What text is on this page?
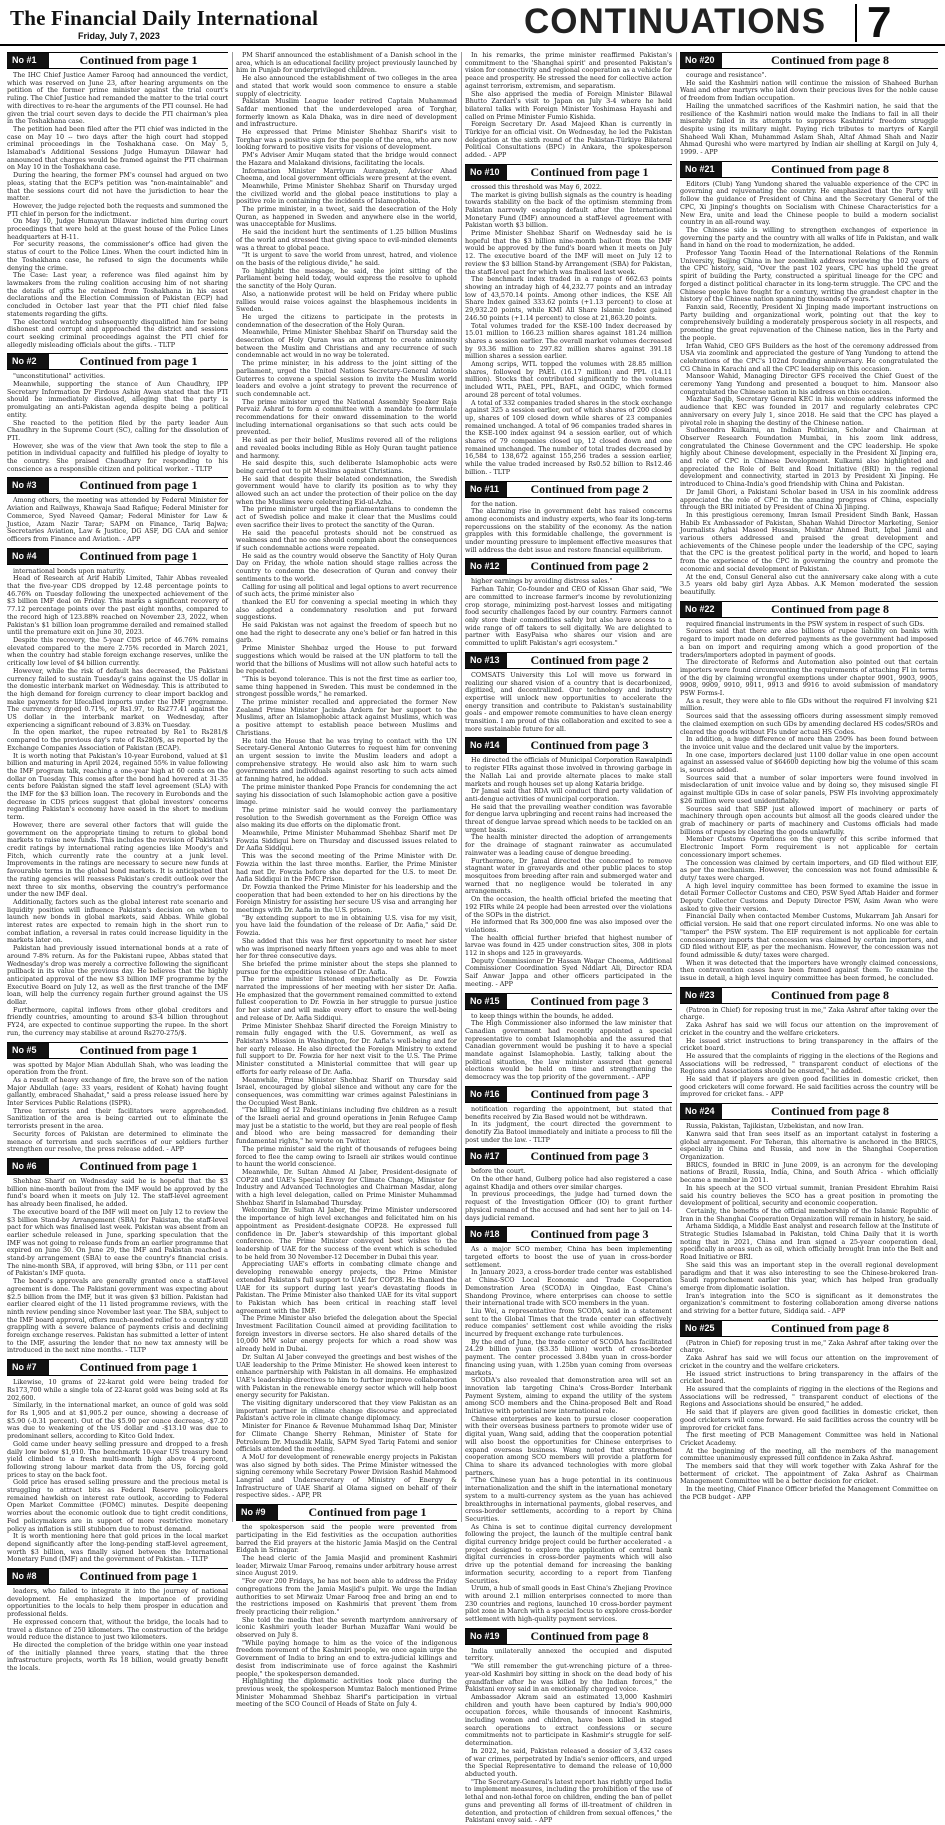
The Financial Daily International
Friday, July 7, 2023	CONTINUATIONS 7
No #1	Continued from page 1

The IHC Chief Justice Aamer Farooq had announced the verdict, which was reserved on June 23, after hearing arguments on the petition of the former prime minister against the trial court's ruling. The Chief Justice had remanded the matter to the trial court with directives to re-hear the arguments of the PTI counsel. He had given the trial court seven days to decide the PTI chairman's plea in the Toshakhana case.

The petition had been filed after the PTI chief was indicted in the case on May 10 -- two days after the high court had stopped criminal proceedings in the Toshakhana case. On May 5, Islamabad's Additional Sessions Judge Humayun Dilawar had announced that charges would be framed against the PTI chairman on May 10 in the Toshakhana case.

During the hearing, the former PM's counsel had argued on two pleas, stating that the ECP's petition was "non-maintainable" and that the sessions court did not have the jurisdiction to hear the matter.

However, the judge rejected both the requests and summoned the PTI chief in person for the indictment.

On May 10, Judge Humayun Dilawar indicted him during court proceedings that were held at the guest house of the Police Lines headquarters at H-11.

For security reasons, the commissioner's office had given the status of court to the Police Lines. When the court indicted him in the Toshakhana case, he refused to sign the documents while denying the crime.

The Case: Last year, a reference was filed against him by lawmakers from the ruling coalition accusing him of not sharing the details of gifts he retained from Toshakhana in his asset declarations and the Election Commission of Pakistan (ECP) had concluded in October last year that the PTI chief filed false statements regarding the gifts.

The electoral watchdog subsequently disqualified him for being dishonest and corrupt and approached the district and sessions court seeking criminal proceedings against the PTI chief for allegedly misleading officials about the gifts. - TLTP

No #2	Continued from page 1

"unconstitutional" activities.

Meanwhile, supporting the stance of Aun Chaudhry, IPP Secretary Information Dr Firdous Ashiq Awan stated that the PTI should be immediately dissolved, alleging that the party is promulgating an anti-Pakistan agenda despite being a political entity.

She reacted to the petition filed by the party leader Aun Chaudhry in the Supreme Court (SC), calling for the dissolution of PTI.

However, she was of the view that Awn took the step to file a petition in individual capacity and fulfilled his pledge of loyalty to the country. She praised Chaudhary for responding to his conscience as a responsible citizen and political worker. - TLTP

No #3	Continued from page 1

Among others, the meeting was attended by Federal Minister for Aviation and Railways, Khawaja Saad Rafique; Federal Minister for Commerce, Syed Naveed Qamar; Federal Minister for Law & Justice, Azam Nazir Tarar; SAPM on Finance, Tariq Bajwa; Secretaries Aviation, Law & Justice, DG ASF, DG CAA and senior officers from Finance and Aviation. - APP

No #4	Continued from page 1

international bonds upon maturity.

Head of Research at Arif Habib Limited, Tahir Abbas revealed that the five-year CDS dropped by 12.48 percentage points to 46.76% on Tuesday following the unexpected achievement of the $3 billion IMF deal on Friday. This marks a significant recovery of 77.12 percentage points over the past eight months, compared to the record high of 123.88% reached on November 23, 2022, when Pakistan's $1 billion loan programme derailed and remained stalled until the premature exit on June 30, 2023.

Despite this recovery, the 5-year CDS price of 46.76% remains elevated compared to the mere 2.75% recorded in March 2021, when the country had stable foreign exchange reserves, unlike the critically low level of $4 billion currently.

However, while the risk of default has decreased, the Pakistani currency failed to sustain Tuesday's gains against the US dollar in the domestic interbank market on Wednesday. This is attributed to the high demand for foreign currency to clear import backlog and make payments for lifecalled imports under the IMF programme. The currency dropped 0.71%, or Rs1.97, to Rs277.41 against the US dollar in the interbank market on Wednesday, after experiencing a significant rebound of 3.83% on Tuesday.

In the open market, the rupee retreated by Re1 to Rs281/$ compared to the previous day's rate of Rs280/$, as reported by the Exchange Companies Association of Pakistan (ECAP).

It is worth noting that Pakistan's 10-year Eurobond, valued at $1 billion and maturing in April 2024, regained 55% in value following the IMF program talk, reaching a one-year high at 60 cents on the dollar on Tuesday. This comes after the bond had hovered at 31-35 cents before Pakistan signed the staff level agreement (SLA) with the IMF for the $3 billion loan. The recovery in Eurobonds and the decrease in CDS prices suggest that global investors' concerns regarding Pakistan's economy have eased in the short to medium term.

However, there are several other factors that will guide the government on the appropriate timing to return to global bond markets to raise new funds. This includes the revision of Pakistan's credit ratings by international rating agencies like Moody's and Fitch, which currently rate the country at a junk level. Improvements in the ratings are necessary to secure new funds at favourable terms in the global bond markets. It is anticipated that the rating agencies will reassess Pakistan's credit outlook over the next three to six months, observing the country's performance under the new IMF deal.

Additionally, factors such as the global interest rate scenario and liquidity position will influence Pakistan's decision on when to launch new bonds in global markets, said Abbas. While global interest rates are expected to remain high in the short run to combat inflation, a reversal in rates could increase liquidity in the markets later on.

Pakistan had previously issued international bonds at a rate of around 7-8% return. As for the Pakistani rupee, Abbas stated that Wednesday's drop was merely a corrective following the significant pullback in its value the previous day. He believes that the highly anticipated approval of the new $3 billion IMF programme by the Executive Board on July 12, as well as the first tranche of the IMF loan, will help the currency regain further ground against the US dollar.

Furthermore, capital inflows from other global creditors and friendly countries, amounting to around $3-4 billion throughout FY24, are expected to continue supporting the rupee. In the short run, the currency may stabilise at around Rs270-275/$.

No #5	Continued from page 1

was spotted by Major Mian Abdullah Shah, who was leading the operation from the front.

As a result of heavy exchange of fire, the brave son of the nation Major Abdullah (age: 33 years, resident of Kohat) having fought gallantly, embraced Shahadat," said a press release issued here by Inter Services Public Relations (ISPR).

Three terrorists and their facilitators were apprehended. Sanitization of the area is being carried out to eliminate the terrorists present in the area.

Security forces of Pakistan are determined to eliminate the menace of terrorism and such sacrifices of our soldiers further strengthen our resolve, the press release added. - APP

No #6	Continued from page 1

Shehbaz Sharif on Wednesday said he is hopeful that the $3 billion nine-month bailout from the IMF would be approved by the fund's board when it meets on July 12. The staff-level agreement has already been finalised, he added.

The executive board of the IMF will meet on July 12 to review the $3 billion Stand-by Arrangement (SBA) for Pakistan, the staff-level pact for which was finalised last week. Pakistan was absent from an earlier schedule released in June, sparking speculation that the IMF was not going to release funds from an earlier programme that expired on June 30. On June 29, the IMF and Pakistan reached a stand-by arrangement (SBA) to ease the country's financial crisis. The nine-month SBA, if approved, will bring $3bn, or 111 per cent of Pakistan's IMF quota.

The board's approvals are generally granted once a staff-level agreement is done. The Pakistani government was expecting about $2.5 billion from the IMF, but it was given $3 billion. Pakistan had earlier cleared eight of the 11 listed programme reviews, with the ninth review pending since November last year. The SBA, subject to the IMF board approval, offers much-needed relief to a country still grappling with a severe balance of payments crisis and declining foreign exchange reserves. Pakistan has submitted a letter of intent to the IMF, assuring the lender that no new tax amnesty will be introduced in the next nine months. - TLTP

No #7	Continued from page 1

Likewise, 10 grams of 22-karat gold were being traded for Rs173,700 while a single tola of 22-karat gold was being sold at Rs 202,600.

Similarly, in the international market, an ounce of gold was sold for Rs 1,905 and at $1,905.2 per ounce, showing a decrease of $5.90 (-0.31 percent). Out of the $5.90 per ounce decrease, -$7.20 was due to weakening of the US dollar and -$13.10 was due to predominant sellers, according to Kitco Gold Index.

Gold came under heavy selling pressure and dropped to a fresh daily low below $1,910. The benchmark 10-year US treasury bond yield climbed to a fresh multi-month high above 4 percent, following strong labour market data from the US, forcing gold prices to stay on the back foot.

Gold price has erased selling pressure and the precious metal is struggling to attract bits as Federal Reserve policymakers remained hawkish on interest rate outlook, according to Federal Open Market Committee (FOMC) minutes. Despite deepening worries about the economic outlook due to tight credit conditions, Fed policymakers are in support of more restrictive monetary policy as inflation is still stubborn due to robust demand.

It is worth mentioning here that gold prices in the local market depend significantly after the long-pending staff-level agreement, worth $3 billion, was finally signed between the International Monetary Fund (IMF) and the government of Pakistan. - TLTP

No #8	Continued from page 1

leaders, who failed to integrate it into the journey of national development. He emphasized the importance of providing opportunities to the locals to help them prosper in education and professional fields.

He expressed concern that, without the bridge, the locals had to travel a distance of 250 kilometers. The construction of the bridge would reduce the distance to just two kilometers.

He directed the completion of the bridge within one year instead of the initially planned three years, stating that the three infrastructure projects, worth Rs 18 billion, would greatly benefit the locals.

PM Sharif announced the establishment of a Danish school in the area, which is an educational facility project previously launched by him in Punjab for underprivileged children.

He also announced the establishment of two colleges in the area and stated that work would soon commence to ensure a stable supply of electricity.

Pakistan Muslim League leader retired Captain Muhammad Safdar mentioned that the underdeveloped area of Torghar, formerly known as Kala Dhaka, was in dire need of development and infrastructure.

He expressed that Prime Minister Shehbaz Sharif's visit to Torghar was a positive sign for the people of the area, who are now looking forward to positive visits for visions of development.

PM's Adviser Amir Muqam stated that the bridge would connect the Hazara and Malakand divisions, facilitating the locals.

Information Minister Marriyum Aurangzeb, Advisor Ahad Cheema, and local government officials were present at the event.

Meanwhile, Prime Minister Shehbaz Sharif on Thursday urged the civilized world and the global peace institutions to play a positive role in containing the incidents of Islamophobia.

The prime minister, in a tweet, said the desecration of the Holy Quran, as happened in Sweden and anywhere else in the world, was unacceptable for Muslims.

He said the incident hurt the sentiments of 1.25 billion Muslims of the world and stressed that giving space to evil-minded elements was a threat to global peace.

"It is urgent to save the world from unrest, hatred, and violence on the basis of the religious divide," he said.

To highlight the message, he said, the joint sitting of the Parliament being held today, would express the resolve to uphold the sanctity of the Holy Quran.

Also, a nationwide protest will be held on Friday where public rallies would raise voices against the blasphemous incidents in Sweden.

He urged the citizens to participate in the protests in condemnation of the desecration of the Holy Quran.

Meanwhile, Prime Minister Shehbaz Sharif on Thursday said the desecration of Holy Quran was an attempt to create animosity between the Muslim and Christians and any recurrence of such condemnable act would in no way be tolerated.

The prime minister, in his address to the joint sitting of the parliament, urged the United Nations Secretary-General Antonio Guterres to convene a special session to invite the Muslim world leaders and evolve a joint strategy to prevent the recurrence of such condemnable act.

The prime minister urged the National Assembly Speaker Raja Pervaiz Ashraf to form a committee with a mandate to formulate recommendations for their onward dissemination to the world including international organisations so that such acts could be prevented.

He said as per their belief, Muslims revered all of the religions and revealed books including Bible as Holy Quran taught patience and harmony.

He said despite this, such deliberate Islamophobic acts were being carried out to pit Muslims against Christians.

He said that despite their belated condemnation, the Swedish government would have to clarify its position as to why they allowed such an act under the protection of their police on the day when the Muslims were celebrating Eid-ul-Azha.

The prime minister urged the parliamentarians to condemn the act of Swedish police and make it clear that the Muslims could even sacrifice their lives to protect the sanctity of the Quran.

He said the peaceful protests should not be construed as weakness and that no one should complain about the consequences if such condemnable actions were repeated.

He said as the country would observe the Sanctity of Holy Quran Day on Friday, the whole nation should stage rallies across the country to condemn the desecration of Quran and convey their sentiments to the world.

Calling for using all political and legal options to avert recurrence of such acts, the prime minister also

thanked the EU for convening a special meeting in which they also adopted a condemnatory resolution and put forward suggestions.

He said Pakistan was not against the freedom of speech but no one had the right to desecrate any one's belief or fan hatred in this garb.

Prime Minister Shehbaz urged the House to put forward suggestions which would be raised at the UN platform to tell the world that the billions of Muslims will not allow such hateful acts to be repeated.

"This is beyond tolerance. This is not the first time as earlier too, same thing happened in Sweden. This must be condemned in the strongest possible words," he remarked.

The prime minister recalled and appreciated the former New Zealand Prime Minister Jacinda Ardern for her support to the Muslims, after an Islamophobic attack against Muslims, which was a positive attempt to establish peace between Muslims and Christians.

He told the House that he was trying to contact with the UN Secretary-General Antonio Guterres to request him for convening an urgent session to invite the Muslim leaders and adopt a comprehensive strategy. He would also ask him to warn such governments and individuals against resorting to such acts aimed at fanning hatred, he added.

The prime minister thanked Pope Francis for condemning the act saying his dissociation of such Islamophobic action gave a positive image.

The prime minister said he would convey the parliamentary resolution to the Swedish government as the Foreign Office was also making its due efforts on the diplomatic front.

Meanwhile, Prime Minister Muhammad Shehbaz Sharif met Dr Fowzia Siddiqui here on Thursday and discussed issues related to Dr Aafia Siddiqui.

This was the second meeting of the Prime Minister with Dr. Fowzia within the last three months. Earlier, the Prime Minister had met Dr. Fowzia before she departed for the U.S. to meet Dr. Aafia Siddiqui in the FMC Prison.

Dr. Fowzia thanked the Prime Minister for his leadership and the cooperation that had been extended to her on his directions by the Foreign Ministry for assisting her secure US visa and arranging her meetings with Dr. Aafia in the U.S. prison.

"By extending support to me in obtaining U.S. visa for my visit, you have laid the foundation of the release of Dr. Aafia," said Dr. Fowzia.

She added that this was her first opportunity to meet her sister who was imprisoned nearly fifteen years ago and was able to meet her for three consecutive days.

She briefed the prime minister about the steps she planned to pursue for the expeditious release of Dr. Aafia.

The prime minister listened empathetically as Dr. Fowzia narrated the impressions of her meeting with her sister Dr. Aafia. He emphasized that the government remained committed to extend fullest cooperation to Dr. Fowzia in her struggle to pursue justice for her sister and will make every effort to ensure the well-being and release of Dr. Aafia Siddiqui.

Prime Minister Shehbaz Sharif directed the Foreign Ministry to remain fully engaged with the U.S. Government, as well as Pakistan's Mission in Washington, for Dr. Aafia's well-being and for her early release. He also directed the Foreign Ministry to extend full support to Dr. Fowzia for her next visit to the U.S. The Prime Minister constituted a Ministerial committee that will gear up efforts for early release of Dr. Aafia.

Meanwhile, Prime Minister Shehbaz Sharif on Thursday said Israel, encouraged by global silence and without any care for the consequences, was committing war crimes against Palestinians in the Occupied West Bank.

"The killing of 12 Palestinians including five children as a result of the Israeli aerial and ground operations in Jenin Refugee Camp may just be a statistic to the world, but they are real people of flesh and blood who are being massacred for demanding their fundamental rights," he wrote on Twitter.

The prime minister said the right of thousands of refugees being forced to flee the camp owing to Israeli air strikes would continue to haunt the world conscience.

Meanwhile, Dr. Sultan Ahmed Al Jaber, President-designate of COP28 and UAE's Special Envoy for Climate Change, Minister for Industry and Advanced Technologies and Chairman Masdar, along with a high level delegation, called on Prime Minister Muhammad Shehbaz Sharif in Islamabad Thursday.

Welcoming Dr. Sultan Al Jaber, the Prime Minister underscored the importance of high level exchanges and felicitated him on his appointment as President-designate COP28. He expressed full confidence in Dr. Jaber's stewardship of this important global conference. The Prime Minister conveyed best wishes to the leadership of UAE for the success of the event which is scheduled to be held from 30 November-12 December in Dubai this year.

Appreciating UAE's efforts in combating climate change and developing renewable energy projects, the Prime Minister extended Pakistan's full support to UAE for COP28. He thanked the UAE for its support during last year's devastating floods in Pakistan. The Prime Minister also thanked UAE for its vital support to Pakistan which has been critical in reaching staff level agreement with the IMF.

The Prime Minister also briefed the delegation about the Special Investment Facilitation Council aimed at providing facilitation to foreign investors in diverse sectors. He also shared details of the 10,000 MW solar energy projects for which a road show was already held in Dubai.

Dr. Sultan Al Jaber conveyed the greetings and best wishes of the UAE leadership to the Prime Minister. He showed keen interest to enhance partnership with Pakistan in all domains. He emphasized UAE's leadership directives to him to further improve collaboration with Pakistan in the renewable energy sector which will help boost energy security for Pakistan.

The visiting dignitary underscored that they view Pakistan as an important partner in climate change discourse and appreciated Pakistan's active role in climate change diplomacy.

Minister for Finance & Revenue Muhammad Ishaq Dar, Minister for Climate Change Sherry Rehman, Minister of State for Petroleum Dr. Musadik Malik, SAPM Syed Tariq Fatemi and senior officials attended the meeting.

A MoU for development of renewable energy projects in Pakistan was also signed by both sides. The Prime Minister witnessed the signing ceremony while Secretary Power Division Rashid Mahmood Langrial and Undersecretary of Ministry of Energy & Infrastructure of UAE Sharif al Olama signed on behalf of their respective sides. - APP, PR

No #9	Continued from page 1

the spokesperson said the people were prevented from participating in the Eid festivities as the occupation authorities barred the Eid prayers at the historic Jamia Masjid on the Central Eidgah in Srinagar.

The head cleric of the Jamia Masjid and prominent Kashmiri leader, Mirwaiz Umar Farooq, remains under arbitrary house arrest since August 2019.

"For over 200 Fridays, he has not been able to address the Friday congregations from the Jamia Masjid's pulpit. We urge the Indian authorities to set Mirwaiz Umar Farooq free and bring an end to the restrictions imposed on Kashmiris that prevent them from freely practicing their religion."

She told the media that the seventh martyrdom anniversary of iconic Kashmiri youth leader Burhan Muzaffar Wani would be observed on July 8.

"While paying homage to him as the voice of the indigenous freedom movement of the Kashmiri people, we once again urge the Government of India to bring an end to extra-judicial killings and desist from indiscriminate use of force against the Kashmiri people," the spokesperson demanded.

Highlighting the diplomatic activities took place during the previous week, the spokesperson Mumtaz Baloch mentioned Prime Minister Mohammad Shehbaz Sharif's participation in virtual meeting of the SCO Council of Heads of State on July 4.

In his remarks, the prime minister reaffirmed Pakistan's commitment to the 'Shanghai spirit' and presented Pakistan's vision for connectivity and regional cooperation as a vehicle for peace and prosperity. He stressed the need for collective action against terrorism, extremism, and separatism.

She also apprised the media of Foreign Minister Bilawal Bhutto Zardari's visit to Japan on July 3-4 where he held bilateral talks with Foreign Minister Yoshimasa Hayashi and called on Prime Minister Fumio Kishida.

Foreign Secretary Dr. Asad Majeed Khan is currently in Türkiye for an official visit. On Wednesday, he led the Pakistan delegation at the sixth round of the Pakistan-Türkiye Bilateral Political Consultations (BPC) in Ankara, the spokesperson added. - APP

No #10	Continued from page 1

crossed this threshold was May 6, 2022.

The market is giving bullish signals as the country is heading towards stability on the back of the optimism stemming from Pakistan narrowly escaping default after the International Monetary Fund (IMF) announced a staff-level agreement with Pakistan worth $3 billion.

Prime Minister Shehbaz Sharif on Wednesday said he is hopeful that the $3 billion nine-month bailout from the IMF would be approved by the fund's board when it meets on July 12. The executive board of the IMF will meet on July 12 to review the $3 billion Stand-by Arrangement (SBA) for Pakistan, the staff-level pact for which was finalised last week.

The benchmark index traded in a range of 662.63 points showing an intraday high of 44,232.77 points and an intraday low of 43,570.14 points. Among other indices, the KSE All Share Index gained 333.62 points (+1.13 percent) to close at 29,932.20 points, while KMI All Share Islamic Index gained 246.50 points (+1.14 percent) to close at 21,863.20 points.

Total volumes traded for the KSE-100 Index decreased by 15.01 million to 166.23 million shares against 181.24 million shares a session earlier. The overall market volumes decreased by 93.36 million to 297.82 million shares against 391.18 million shares a session earlier.

Among scrips, WTL topped the volumes with 28.85 million shares, followed by PAEL (16.17 million) and PPL (14.11 million). Stocks that contributed significantly to the volumes included WTL, PAEL, PPL, BAFL, and OGDC, which formed around 28 percent of total volumes.

A total of 332 companies traded shares in the stock exchange against 325 a session earlier, out of which shares of 200 closed up, shares of 109 closed down while shares of 23 companies remained unchanged. A total of 96 companies traded shares in the KSE-100 index against 94 a session earlier, out of which shares of 79 companies closed up, 12 closed down and one remained unchanged. The number of total trades decreased by 16,584 to 138,672 against 155,256 trades a session earlier, while the value traded increased by Rs0.52 billion to Rs12.46 billion. - TLTP

No #11	Continued from page 2

for the nation.

The alarming rise in government debt has raised concerns among economists and industry experts, who fear its long-term repercussions on the stability of the economy. As the nation grapples with this formidable challenge, the government is under mounting pressure to implement effective measures that will address the debt issue and restore financial equilibrium.

No #12	Continued from page 2

higher earnings by avoiding distress sales."

Farhan Tahir, Co-founder and CEO of Kissan Ghar said, "We are committed to increase farmer's income by revolutionizing crop storage, minimizing post-harvest losses and mitigating food security challenges faced by our country. Farmers cannot only store their commodities safely but also have access to a wide range of off takers to sell digitally. We are delighted to partner with EasyPaisa who shares our vision and are committed to uplift Pakistan's agri ecosystem."

No #13	Continued from page 2

COMSATS University this LoI will move us forward in realizing our shared vision of a country that is decarbonized, digitized, and decentralized. Our technology and industry expertise will unlock new opportunities to accelerate the energy transition and contribute to Pakistan's sustainability goals - and empower remote communities to have clean energy transition. I am proud of this collaboration and excited to see a more sustainable future for all.

No #14	Continued from page 3

He directed the officials of Municipal Corporation Rawalpindi to register FIRs against those involved in throwing garbage in the Nallah Lai and provide alternate places to make stall markets and rough houses set up along Kataria bridge.

Dr Jamal said that RDA will conduct third party validation of anti-dengue activities of municipal corporation.

He said that the prevailing weather condition was favorable for dengue larva upbringing and recent rains had increased the threat of dengue larvae spread which needs to be tackled on an urgent basis.

The health minister directed the adoption of arrangements for the drainage of stagnant rainwater as accumulated rainwater was a leading cause of dengue breeding.

Furthermore, Dr Jamal directed the concerned to remove stagnant water in graveyards and other public places to stop mosquitoes from breeding after rain and submerged water and warned that no negligence would be tolerated in any arrangements.

On the occasion, the health official briefed the meeting that 192 FIRs while 24 people had been arrested over the violations of the SOPs in the district.

He informed that Rs 300,000 fine was also imposed over the violations.

The health official further briefed that highest number of larvae was found in 425 under construction sites, 308 in plots 112 in shops and 125 in graveyards.

Deputy Commissioner Dr Hassan Waqar Cheema, Additional Commissioner Coordination Syed Nddiart Ali, Director RDA Saif Anwar Jappa and other officers participated in the meeting. - APP

No #15	Continued from page 3

to keep things within the bounds, he added.

The High Commissioner also informed the law minister that Canadian government had recently appointed a special representative to combat Islamophobia and the assured that Canadian government would be pushing it to have a special mandate against Islamophobia. Lastly, talking about the political situation, the law minister assured that general elections would be held on time and strengthening the democracy was the top priority of the government. - APP

No #16	Continued from page 3

notification regarding the appointment, but stated that benefits received by Zia Based would not be withdrawn.

In its judgment, the court directed the government to denotify Zia Batool immediately and initiate a process to fill the post under the law. - TLTP

No #17	Continued from page 3

before the court.

On the other hand, Gulberg police had also registered a case against Khadija and others over similar charges.

In previous proceedings, the judge had turned down the request of the Investigation Officer (IO) to grant further physical remand of the accused and had sent her to jail on 14-days judicial remand.

No #18	Continued from page 3

As a major SCO member, China has been implementing targeted efforts to boost the use of yuan in cross-border settlement.

In January 2023, a cross-border trade center was established at China-SCO Local Economic and Trade Cooperation Demonstration Area (SCODA) in Qingdao, East China's Shandong Province, where enterprises can choose to settle their international trade with SCO members in the yuan.

Liu Wei, a representative from SCODA, said in a statement sent to the Global Times that the trade center can effectively reduce companies' settlement cost while avoiding the risks incurred by frequent exchange rate turbulences.

By the end of June, the trade center of SCODA has facilitated 24.29 billion yuan ($3.35 billion) worth of cross-border payment. The center processed 3.84bn yuan in cross-border financing using yuan, with 1.25bn yuan coming from overseas markets.

SCODA's also revealed that demonstration area will set an innovation lab targeting China's Cross-Border Interbank Payment System, aiming to expand the utility of the system among SCO members and the China-proposed Belt and Road Initiative with potential new international role.

Chinese enterprises are keen to pursue closer cooperation with their overseas business partners to promote wider use of digital yuan, Wang said, adding that the cooperation potential will also boost the opportunities for Chinese enterprises to expand overseas business. Wang noted that strengthened cooperation among SCO members will provide a platform for China to share its advanced technologies with more global partners.

"The Chinese yuan has a huge potential in its continuous internationalization and the shift in the international monetary system to a multi-currency system as the yuan has achieved breakthroughs in international payments, global reserves, and cross-border settlements, according to a report by China Securities.

As China is set to continue digital currency development following the project, the launch of the multiple central bank digital currency bridge project could be further accelerated - a project designed to explore the application of central bank digital currencies in cross-border payments which will also drive up the potential demand for increasing the banking information security, according to a report from Tianfeng Securities.

Urum, a hub of small goods in East China's Zhejiang Province with around 2.1 million enterprises connected to more than 230 countries and regions, launched 10 cross-border payment pilot zone in March with a special focus to explore cross-border settlement with high-quality payment services.

No #19	Continued from page 8

India unilaterally annexed the occupied and disputed territory.

"We still remember the gut-wrenching picture of a three-year-old Kashmiri boy sitting in shock on the dead body of his grandfather after he was killed by the Indian forces," the Pakistani envoy said in an emotionally charged voice.

Ambassador Akram said an estimated 13,000 Kashmiri children and youth have been captured by India's 900,000 occupation forces, while thousands of innocent Kashmiris, including women and children, have been killed in staged search operations to extract confessions or secure commitments not to participate in Kashmir's struggle for self-determination.

In 2022, he said, Pakistan released a dossier of 3,432 cases of war crimes, perpetrated by India's senior officers, and urged the Special Representative to demand the release of 10,000 abducted youth.

"The Secretary-General's latest report has rightly urged India to implement measures, including the prohibition of the use of lethal and non-lethal force on children, ending the ban of pellet guns and preventing all forms of ill-treatment of children in detention, and protection of children from sexual offences," the Pakistani envoy said. - APP

No #20	Continued from page 8

courage and resistance".

He said the Kashmiri nation will continue the mission of Shaheed Burhan Wani and other martyrs who laid down their precious lives for the noble cause of freedom from Indian occupation.

Hailing the unmatched sacrifices of the Kashmiri nation, he said that the resilience of the Kashmiri nation would make the Indians to fail in all their miserably failed in its attempts to suppress Kashmiris' freedom struggle despite using its military might. Paying rich tributes to martyrs of Kargil Shaheed Wali Khan, Muhammad Aslam Shah, Altaf Ahmad Shah and Nazir Ahmad Qureshi who were martyred by Indian air shelling at Kargil on July 4, 1999. - APP

No #21	Continued from page 8

Editors (Club) Yang Yundong shared the valuable experience of the CPC in governing and rejuvenating the country. He emphasized that the Party will follow the guidance of President of China and the Secretary General of the CPC, Xi Jinping's thoughts on Socialism with Chinese Characteristics for a New Era, unite and lead the Chinese people to build a modern socialist country in an all-round way.

The Chinese side is willing to strengthen exchanges of experience in governing the party and the country with all walks of life in Pakistan, and walk hand in hand on the road to modernization, he added.

Professor Yang Taoxin Head of the International Relations of the Renmin University, Beijing China in her zoomlink address reviewing the 102 years of the CPC history, said, "Over the past 102 years, CPC has upheld the great spirit of building the Party, constructed a spiritual lineage for the CPC and forged a distinct political character in its long-term struggle. The CPC and the Chinese people have fought for a century, writing the grandest chapter in the history of the Chinese nation spanning thousands of years."

Fanxin said, Recently, President Xi Jinping made important instructions on Party building and organizational work, pointing out that the key to comprehensively building a moderately prosperous society in all respects, and promoting the great rejuvenation of the Chinese nation, lies in the Party and the people.

Irfan Wahid, CEO GFS Builders as the host of the ceremony addressed from USA via zoomlink and appreciated the gesture of Yang Yundong to attend the celebrations of the CPC's 102nd founding anniversary. He congratulated the CG China in Karachi and all the CPC leadership on this occasion.

Mansoor Wahid, Managing Director GFS received the Chief Guest of the ceremony Yang Yundong and presented a bouquet to him. Mansoor also congratulated the Chinese nation in his address on this occasion.

Mazhar Saqib, Secretary General KEC in his welcome address informed the audience that KEC was founded in 2017 and regularly celebrates CPC anniversary on every July 1, since 2018. He said that the CPC has played a pivotal role in shaping the destiny of the Chinese nation.

Sudheendra Kulkarni, an Indian Politician, Scholar and Chairman at Observer Research Foundation Mumbai, in his zoom link address, congratulated the Chinese Government and the CPC leadership. He spoke highly about Chinese development, especially in the President Xi Jinping era, and role of CPC in Chinese Development. Kulkarni also highlighted and appreciated the Role of Belt and Road Initiative (BRI) in the regional development and connectivity, started in 2013 by President Xi Jinping. He introduced to China-India's good friendship with China and Pakistan.

Dr Jamil Ghori, a Pakistani Scholar based in USA in his zoomlink address appreciated the role of CPC in the amazing progress of China, especially through the BRI initiated by President of China Xi Jinping.

In this prestigious ceremony, Imran Ismail President Sindh Bank, Hassan Habib Ex Ambassador of Pakistan, Shahan Wahid Director Marketing, Senior Journalists Aghai Masood Hussain, Mukhtar Ahmed Butt, Iqbal Jamil and various others addressed and praised the great development and achievements of the Chinese people under the leadership of the CPC, saying that the CPC is the greatest political party in the world, and hoped to learn from the experience of the CPC in governing the country and promote the economic and social development of Pakistan.

At the end, Consul General also cut the anniversary cake along with a cute 3.5 years old baby girl Ayza Abbas. A.K Memon moderated the session beautifully.

No #22	Continued from page 8

required financial instruments in the PSW system in respect of such GDs.

Sources said that there are also billions of rupee liability on banks with regard to import made on deferred payments as the government had imposed a ban on import and requiring among which a good proportion of the traders/importers adopted in payment of goods.

The directorate of Reforms and Automation also pointed out that certain importers were found circumventing the requirements of attaching FI in terms of the dig by claiming wrongful exemptions under chapter 9901, 9903, 9905, 9908, 9909, 9910, 9911, 9913 and 9916 to avoid submission of mandatory PSW Forms-I.

As a result, they were able to file GDs without the required FI involving $21 million.

Sources said that the assessing officers during assessment simply removed the claimed exemption on such GDs by amending declared HS codes/SROs and cleared the goods without FIs under actual HS Codes.

In addition, a huge difference of more than 250% has been found between the invoice unit value and the declared unit value by the importers.

In one case, importers declared just 1100 dollar value in one open account against an assessed value of $64600 depicting how big the volume of this scam is, sources added.

Sources said that a number of solar importers were found involved in misdeclaration of unit invoice value and by doing so, they misused single FI against multiple GDs in case of solar panels, PSW FIs involving approximately $26 million were used unidentifiably.

Sources said that SBP just allowed import of machinery or parts of machinery through open accounts but almost all the goods cleared under the grab of machinery or parts of machinery and Customs officials had made billions of rupees by clearing the goods unlawfully.

Member Customs Operations on the query of this scribe informed that Electronic Import Form requirement is not applicable for certain concessionary import schemes.

The concession was claimed by certain importers, and GD filed without EIF, as per the mechanism. However, the concession was not found admissible & duty/ taxes were charged.

A high level inquiry committee has been formed to examine the issue in detail Former Collector Customs and CEO, PSW Syed Aftab Haider and former Deputy Collector Customs and Deputy Director PSW, Asim Awan who were asked to give their version.

Financial Daily when contacted Member Customs, Mukarram Jah Ansari for official version. He said that one report circulated informs. No one was able to "tamper" the PSW system. The EIF requirement is not applicable for certain concessionary imports that concession was claimed by certain importers, and GD filed without EIF, as per the mechanism. However, the concession was not found admissible & duty/ taxes were charged.

When it was detected that the importers have wrongly claimed concessions, then contravention cases have been framed against them. To examine the issue in detail, a high level inquiry committee has been formed, he concluded.

No #23	Continued from page 8

(Patron in Chief) for reposing trust in me," Zaka Ashraf after taking over the charge.

Zaka Ashraf has said we will focus our attention on the improvement of cricket in the country and the welfare cricketers.

He issued strict instructions to bring transparency in the affairs of the cricket board.

He assured that the complaints of rigging in the elections of the Regions and Associations will be redressed, " transparent conduct of elections of the Regions and Associations should be ensured," he added.

He said that if players are given good facilities in domestic cricket, then good cricketers will come forward. He said facilities across the country will be improved for cricket fans. - APP

No #24	Continued from page 8

Russia, Pakistan, Tajikistan, Uzbekistan, and now Iran.

Kanwra said that Iran sees itself as an important catalyst in fostering a global arrangement. For Teheran, this alternative is anchored in the BRICS, especially in China and Russia, and now in the Shanghai Cooperation Organization.

BRICS, founded in BRIC in June 2009, is an acronym for the developing nations of Brazil, Russia, India, China, and South Africa - which officially became a member in 2011.

In his speech at the SCO virtual summit, Iranian President Ebrahim Raisi said his country believes the SCO has a great position in promoting the development of political, security and economic cooperation.

Certainly, the benefits of the official membership of the Islamic Republic of Iran in the Shanghai Cooperation Organization will remain in history, he said.

Arhama Siddiqa, a Middle East analyst and research fellow at the Institute of Strategic Studies Islamabad in Pakistan, told China Daily that it is worth noting that in 2021, China and Iran signed a 25-year cooperation deal, specifically in areas such as oil, which officially brought Iran into the Belt and Road Initiative or BRI.

She said this was an important step in the overall regional development paradigm and that it was also interesting to see the Chinese-brokered Iran-Saudi rapprochement earlier this year, which has helped Iran gradually emerge from diplomatic isolation.

Iran's integration into the SCO is significant as it demonstrates the organization's commitment to fostering collaboration among diverse nations and striving for a better future, Siddiqa said. - APP

No #25	Continued from page 8

(Patron in Chief) for reposing trust in me," Zaka Ashraf after taking over the charge.

Zaka Ashraf has said we will focus our attention on the improvement of cricket in the country and the welfare cricketers.

He issued strict instructions to bring transparency in the affairs of the cricket board.

He assured that the complaints of rigging in the elections of the Regions and Associations will be redressed, " transparent conduct of elections of the Regions and Associations should be ensured," he added.

He said that if players are given good facilities in domestic cricket, then good cricketers will come forward. He said facilities across the country will be improved for cricket fans.

The first meeting of PCB Management Committee was held in National Cricket Academy.

At the beginning of the meeting, all the members of the management committee unanimously expressed full confidence in Zaka Ashraf.

The members said that they will work together with Zaka Ashraf for the betterment of cricket. The appointment of Zaka Ashraf as Chairman Management Committee will be a better decision for cricket.

In the meeting, Chief Finance Officer briefed the Management Committee on the PCB budget - APP
